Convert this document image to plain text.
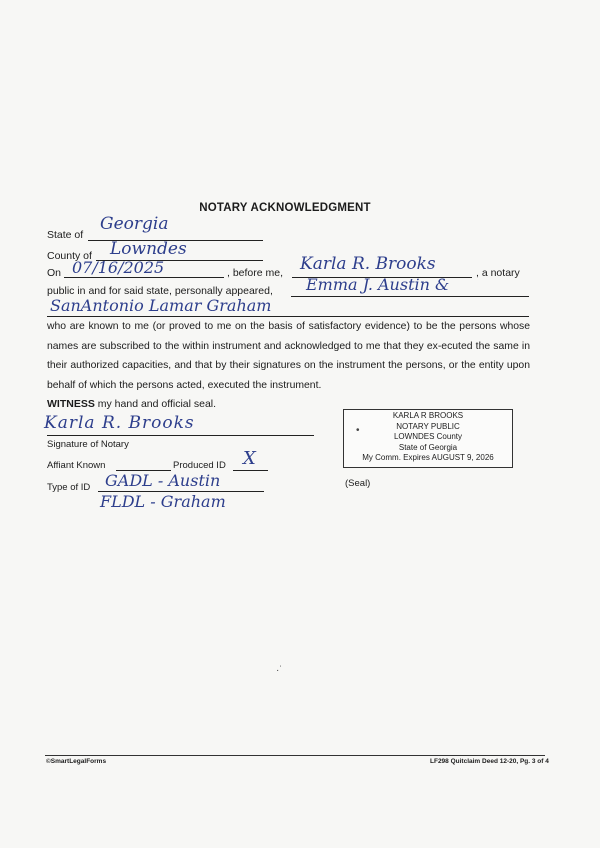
NOTARY ACKNOWLEDGMENT
State of
Georgia
County of Lowndes
On 07/16/2025	, before me, Karla R. Brooks	, a notary
public in and for said state, personally appeared, Emma J. Austin &
SanAntonio Lamar Graham
who are known to me (or proved to me on the basis of satisfactory evidence) to be the persons whose names are subscribed to the within instrument and acknowledged to me that they ex-ecuted the same in their authorized capacities, and that by their signatures on the instrument the persons, or the entity upon behalf of which the persons acted, executed the instrument.
WITNESS my hand and official seal.
Karla R. Brooks
Signature of Notary
Affiant Known	Produced ID X
Type of ID GADL - Austin
FLDL - Graham
KARLA R BROOKS
NOTARY PUBLIC
LOWNDES County
State of Georgia
My Comm. Expires AUGUST 9, 2026
•
(Seal)
·˙
©SmartLegalForms	LF298 Quitclaim Deed 12-20, Pg. 3 of 4
